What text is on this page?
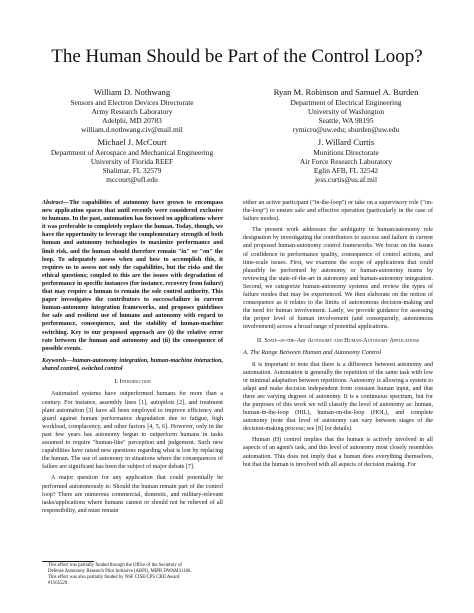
The Human Should be Part of the Control Loop?
William D. Nothwang
Sensors and Electron Devices Directorate
Army Research Laboratory
Adelphi, MD 20783
william.d.nothwang.civ@mail.mil
Ryan M. Robinson and Samuel A. Burden
Department of Electrical Engineering
University of Washington
Seattle, WA 98195
rymicro@uw.edu; sburden@uw.edu
Michael J. McCourt
Department of Aerospace and Mechanical Engineering
University of Florida REEF
Shalimar, FL 32579
mccourt@ufl.edu
J. Willard Curtis
Munitions Directorate
Air Force Research Laboratory
Eglin AFB, FL 32542
jess.curtis@us.af.mil

Abstract—The capabilities of autonomy have grown to encompass new application spaces that until recently were considered exclusive to humans. In the past, automation has focused on applications where it was preferable to completely replace the human. Today, though, we have the opportunity to leverage the complementary strength of both human and autonomy technologies to maximize performance and limit risk, and the human should therefore remain "in" or "on" the loop. To adequately assess when and how to accomplish this, it requires us to assess not only the capabilities, but the risks and the ethical questions; coupled to this are the issues with degradation of performance in specific instances (for instance, recovery from failure) that may require a human to remain the sole control authority. This paper investigates the contributors to success/failure in current human-autonomy integration frameworks, and proposes guidelines for safe and resilient use of humans and autonomy with regard to performance, consequence, and the stability of human-machine switching. Key to our proposed approach are (i) the relative error rate between the human and autonomy and (ii) the consequence of possible events.

Keywords—human-autonomy integration, human-machine interaction, shared control, switched control

I. Introduction

Automated systems have outperformed humans for more than a century. For instance, assembly lines [1], autopilots [2], and treatment plant automation [3] have all been employed to improve efficiency and guard against human performance degradation due to fatigue, high workload, complacency, and other factors [4, 5, 6]. However, only in the past few years has autonomy begun to outperform humans in tasks assumed to require "human-like" perception and judgement. Such new capabilities have raised new questions regarding what is lost by replacing the human. The use of autonomy in situations where the consequences of failure are significant has been the subject of major debate [7].

A major question for any application that could potentially be performed autonomously is: Should the human remain part of the control loop? There are numerous commercial, domestic, and military-relevant tasks/applications where humans cannot or should not be relieved of all responsibility, and must remain

either an active participant ("in-the-loop") or take on a supervisory role ("on-the-loop") to ensure safe and effective operation (particularly in the case of failure modes).

The present work addresses the ambiguity in human/autonomy role designation by investigating the contributors to success and failure in current and proposed human-autonomy control frameworks. We focus on the issues of confidence in performance quality, consequence of control actions, and time-scale issues. First, we examine the scope of applications that could plausibly be performed by autonomy or human-autonomy teams by reviewing the state-of-the-art in autonomy and human-autonomy integration. Second, we categorize human-autonomy systems and review the types of failure modes that may be experienced. We then elaborate on the notion of consequence as it relates to the limits of autonomous decision-making and the need for human involvement. Lastly, we provide guidance for assessing the proper level of human involvement (and consequently, autonomous involvement) across a broad range of potential applications.

II. State-of-the-Art Autonomy and Human-Autonomy Applications
A. The Range Between Human and Autonomy Control

It is important to note that there is a difference between autonomy and automation. Automation is generally the repetition of the same task with low or minimal adaptation between repetitions. Autonomy is allowing a system to adapt and make decision independent from constant human input, and that there are varying degrees of autonomy. It is a continuous spectrum, but for the purposes of this work we will classify the level of autonomy as: human, human-in-the-loop (HIL), human-on-the-loop (HOL), and complete autonomy (note that level of autonomy can vary between stages of the decision-making process; see [8] for details).

Human (H) control implies that the human is actively involved in all aspects of an agent's task, and this level of autonomy most closely resembles automation. This does not imply that a human does everything themselves, but that the human is involved with all aspects of decision making. For

This effort was partially funded through the Office of the Secretary of
Defense Autonomy Research Pilot Initiative (ARPI), MIPR DWAM31166.
This effort was also partially funded by NSF CISE/CPS CRII Award
#1565529.
